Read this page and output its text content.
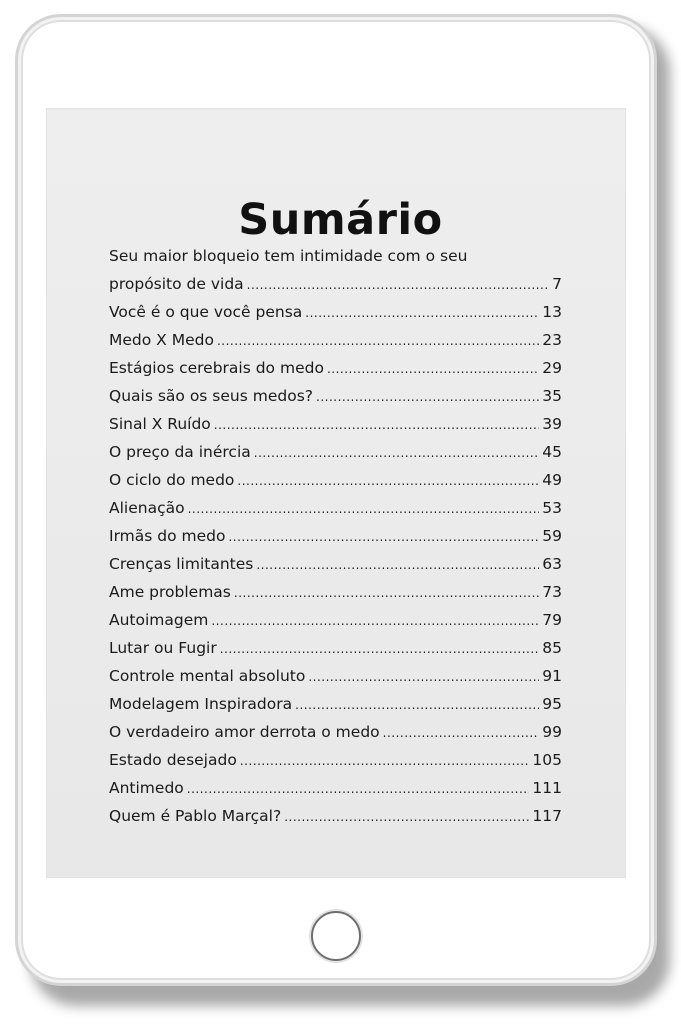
Sumário
Seu maior bloqueio tem intimidade com o seu
propósito de vida .....	7
Você é o que você pensa .....	13
Medo X Medo .....	23
Estágios cerebrais do medo .....	29
Quais são os seus medos? .....	35
Sinal X Ruído .....	39
O preço da inércia .....	45
O ciclo do medo .....	49
Alienação .....	53
Irmãs do medo .....	59
Crenças limitantes .....	63
Ame problemas .....	73
Autoimagem .....	79
Lutar ou Fugir .....	85
Controle mental absoluto .....	91
Modelagem Inspiradora .....	95
O verdadeiro amor derrota o medo .....	99
Estado desejado .....	105
Antimedo .....	111
Quem é Pablo Marçal? .....	117
